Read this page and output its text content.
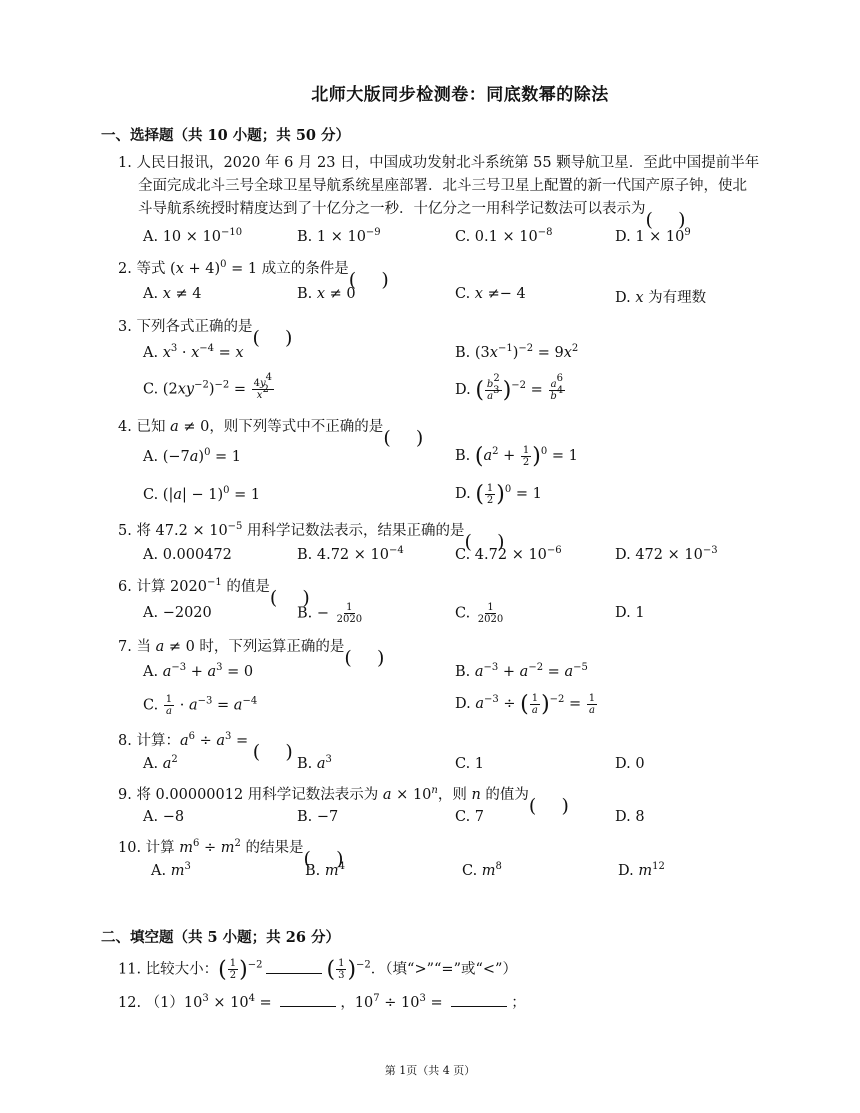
北师大版同步检测卷：同底数幂的除法
一、选择题（共 10 小题；共 50 分）
1. 人民日报讯，2020 年 6 月 23 日，中国成功发射北斗系统第 55 颗导航卫星．至此中国提前半年
全面完成北斗三号全球卫星导航系统星座部署．北斗三号卫星上配置的新一代国产原子钟，使北
斗导航系统授时精度达到了十亿分之一秒．十亿分之一用科学记数法可以表示为
A. $10 \times 10^{-10}$	B. $1 \times 10^{-9}$	C. $0.1 \times 10^{-8}$	D. $1 \times 10^9$
2. 等式 $(x + 4)^0 = 1$ 成立的条件是
A. x ≠ 4	B. x ≠ 0	C. x ≠− 4	D. x 为有理数
3. 下列各式正确的是
A. $x^3 \cdot x^{-4} = x$	B. $(3x^{-1})^{-2} = 9x^2$
C. $(2xy^{-2})^{-2} = \frac{4y^4}{x^2}$	D. ( $\frac{b^2}{a^3} )^{-2} = \frac{a^6}{b^4}$
4. 已知 a ≠ 0，则下列等式中不正确的是
A. $(-7a)^0 = 1$	B. $(a^2 + \frac{1}{2} )^0 = 1$
C. $(|a| - 1)^0 = 1$	D. ( $\frac{1}{2} )^0 = 1$
5. 将 $47.2 \times 10^{-5}$ 用科学记数法表示，结果正确的是
A. 0.000472	B. $4.72 \times 10^{-4}$	C. $4.72 \times 10^{-6}$	D. $472 \times 10^{-3}$
6. 计算 $2020^{-1}$ 的值是
A. −2020	B. − $\frac{1}{2020}$	C. $\frac{1}{2020}$	D. 1
7. 当 a ≠ 0 时，下列运算正确的是
A. $a^{-3} + a^3 = 0$	B. $a^{-3} + a^{-2} = a^{-5}$
C. $\frac{1}{a} \cdot a^{-3} = a^{-4}$	D. $a^{-3}$ ÷ ( $\frac{1}{a} )^{-2} = \frac{1}{a}$
8. 计算：$a^6 \div a^3$ =
A. $a^2$	B. $a^3$	C. 1	D. 0
9. 将 0.00000012 用科学记数法表示为 $a \times 10^n$，则 n 的值为
A. −8	B. −7	C. 7	D. 8
10. 计算 $m^6 \div m^2$ 的结果是
A. $m^3$	B. $m^4$	C. $m^8$	D. $m^{12}$
二、填空题（共 5 小题；共 26 分）
11. 比较大小：( $\frac{1}{2} )^{-2}$	( $\frac{1}{3} )^{-2}$．（填“>”“=”或“<”）
12. $(1)10^3 \times 10^4$ =	，$10^7 \div 10^3$ =	；
第 1页（共 4 页）
